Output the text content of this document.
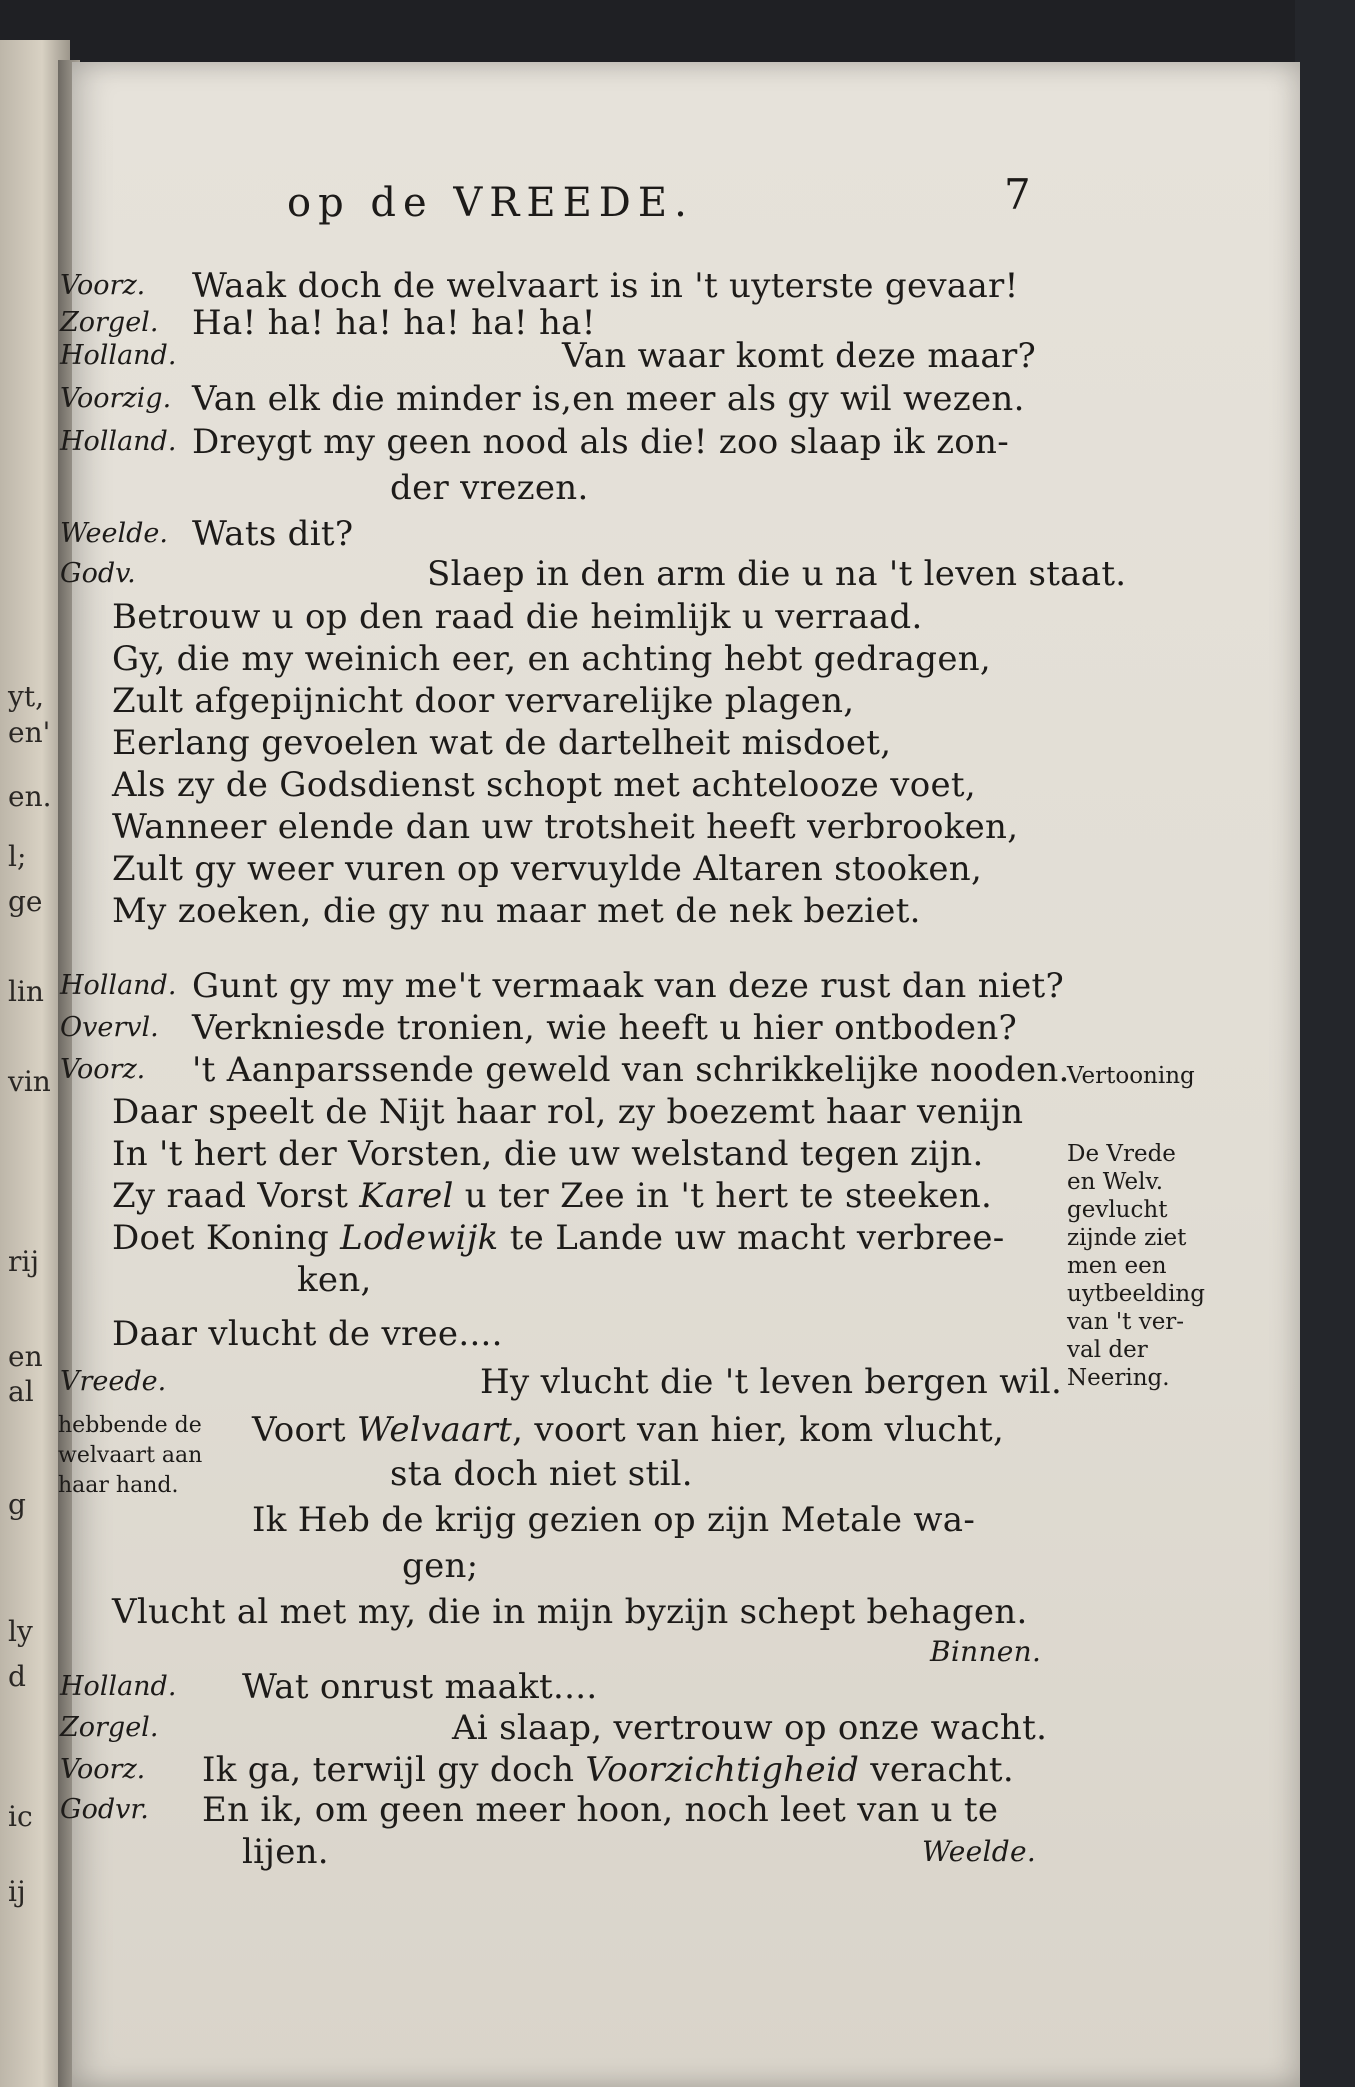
yt,
en'
en.
l;
ge
lin
vin
rij
en
al
g
ly
d
ic
ij
op de VREEDE.	7
Voorz.
Zorgel.
Holland.
Voorzig.
Holland.
Weelde.
Godv.
Holland.
Overvl.
Voorz.
Vreede.
Holland.
Zorgel.
Voorz.
Godvr.
Waak doch de welvaart is in 't uyterste gevaar!
Ha! ha! ha! ha! ha! ha!
Van waar komt deze maar?
Van elk die minder is,en meer als gy wil wezen.
Dreygt my geen nood als die! zoo slaap ik zon-
der vrezen.
Wats dit?
Slaep in den arm die u na 't leven staat.
Betrouw u op den raad die heimlijk u verraad.
Gy, die my weinich eer, en achting hebt gedragen,
Zult afgepijnicht door vervarelijke plagen,
Eerlang gevoelen wat de dartelheit misdoet,
Als zy de Godsdienst schopt met achtelooze voet,
Wanneer elende dan uw trotsheit heeft verbrooken,
Zult gy weer vuren op vervuylde Altaren stooken,
My zoeken, die gy nu maar met de nek beziet.
Gunt gy my me't vermaak van deze rust dan niet?
Verkniesde tronien, wie heeft u hier ontboden?
't Aanparssende geweld van schrikkelijke nooden.
Daar speelt de Nijt haar rol, zy boezemt haar venijn
In 't hert der Vorsten, die uw welstand tegen zijn.
Zy raad Vorst Karel u ter Zee in 't hert te steeken.
Doet Koning Lodewijk te Lande uw macht verbree-
ken,
Daar vlucht de vree....
Hy vlucht die 't leven bergen wil.
Voort Welvaart, voort van hier, kom vlucht,
sta doch niet stil.
Ik Heb de krijg gezien op zijn Metale wa-
gen;
Vlucht al met my, die in mijn byzijn schept behagen.
Binnen.
Wat onrust maakt....
Ai slaap, vertrouw op onze wacht.
Ik ga, terwijl gy doch Voorzichtigheid veracht.
En ik, om geen meer hoon, noch leet van u te
lijen.	Weelde.
hebbende de
welvaart aan
haar hand.
Vertooning
De Vrede
en Welv.
gevlucht
zijnde ziet
men een
uytbeelding
van 't ver-
val der
Neering.
